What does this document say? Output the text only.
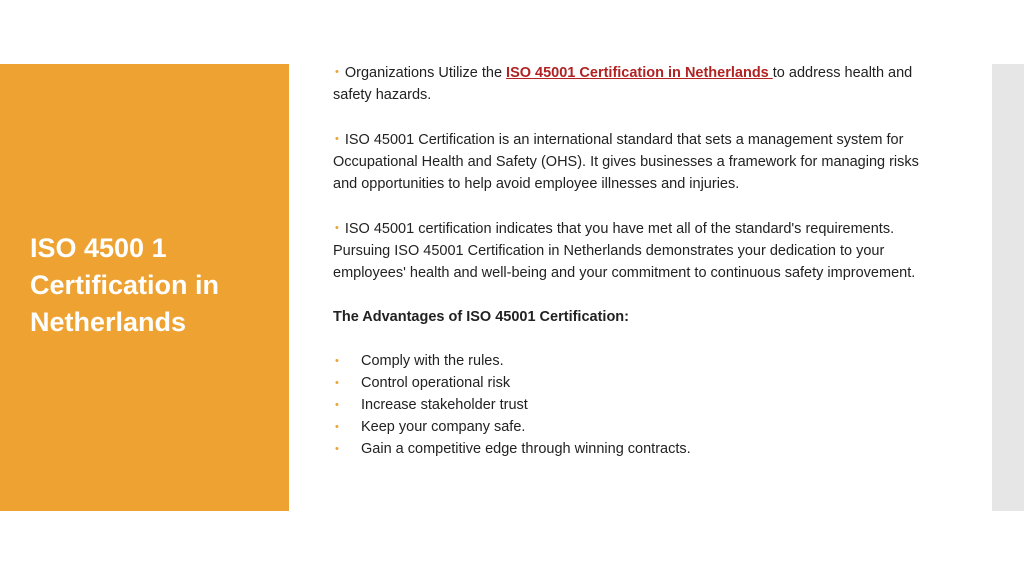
ISO 4500 1 Certification in Netherlands

• Organizations Utilize the ISO 45001 Certification in Netherlands to address health and safety hazards.

• ISO 45001 Certification is an international standard that sets a management system for Occupational Health and Safety (OHS). It gives businesses a framework for managing risks and opportunities to help avoid employee illnesses and injuries.

• ISO 45001 certification indicates that you have met all of the standard's requirements. Pursuing ISO 45001 Certification in Netherlands demonstrates your dedication to your employees' health and well-being and your commitment to continuous safety improvement.

The Advantages of ISO 45001 Certification:

• Comply with the rules.
• Control operational risk
• Increase stakeholder trust
• Keep your company safe.
• Gain a competitive edge through winning contracts.
